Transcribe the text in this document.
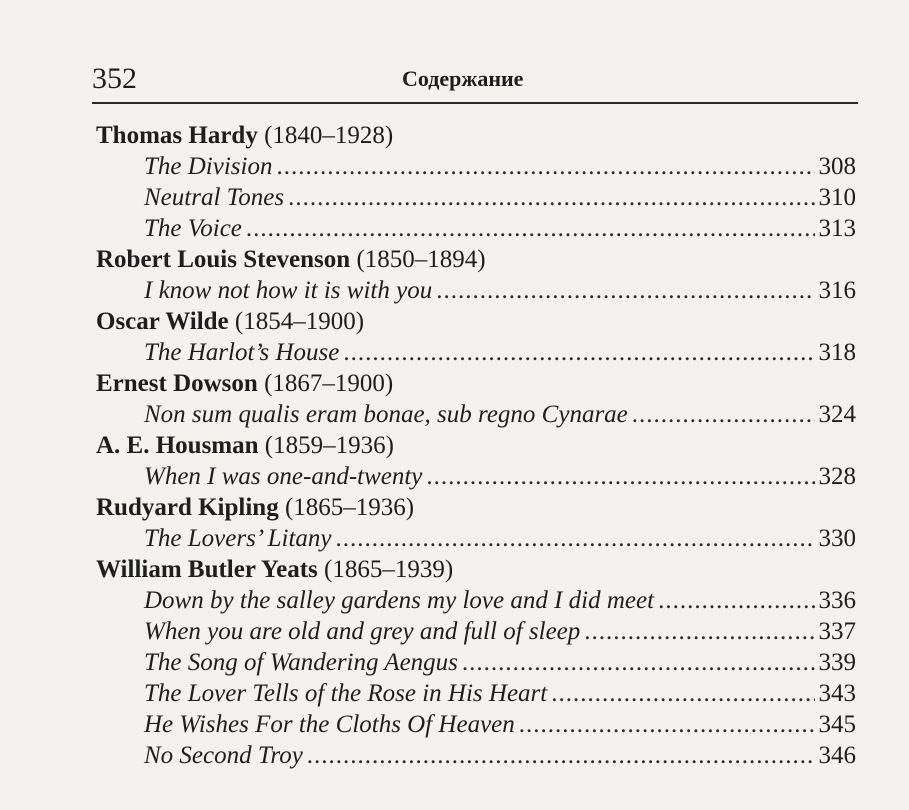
352	Содержание
Thomas Hardy (1840–1928)
The Division .....	308
Neutral Tones .....	310
The Voice .....	313
Robert Louis Stevenson (1850–1894)
I know not how it is with you .....	316
Oscar Wilde (1854–1900)
The Harlot’s House .....	318
Ernest Dowson (1867–1900)
Non sum qualis eram bonae, sub regno Cynarae .....	324
A. E. Housman (1859–1936)
When I was one-and-twenty .....	328
Rudyard Kipling (1865–1936)
The Lovers’ Litany .....	330
William Butler Yeats (1865–1939)
Down by the salley gardens my love and I did meet .....	336
When you are old and grey and full of sleep .....	337
The Song of Wandering Aengus .....	339
The Lover Tells of the Rose in His Heart .....	343
He Wishes For the Cloths Of Heaven .....	345
No Second Troy .....	346
